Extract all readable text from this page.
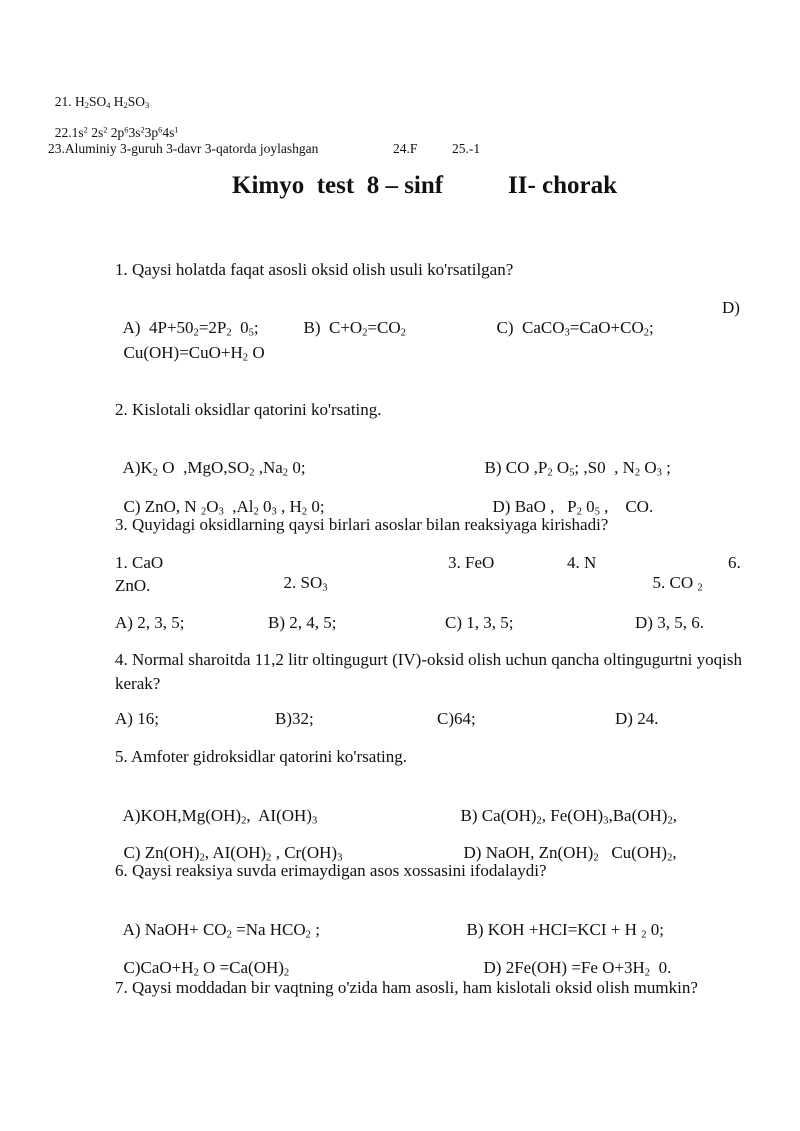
21. $H_2SO_4$ $H_2SO_3$

$22.1s^2$ $2s^2$ $2p^63s^23p^64s^1$

23.Aluminiy 3-guruh 3-davr 3-qatorda joylashgan	24.F	25.-1
Kimyo  test  8 – sinf	II- chorak
1. Qaysi holatda faqat asosli oksid olish usuli ko'rsatilgan?

A)  $4P+50_2=2P_2$  $0_5$;	B)  $C+O_2=CO_2$	C)  $CaCO_3=CaO+CO_2$;

D)

$Cu(OH)=CuO+H_2$ O

2. Kislotali oksidlar qatorini ko'rsating.

$A)K_2$ O  $,MgO,SO_2$ $,Na_2$ 0;	B) CO $,P_2$ $O_5$; ,S0  , $N_2$ $O_3$ ;

C) ZnO, N $_2O_3$  $,Al_2$ $0_3$ , $H_2$ 0;	D) BaO ,   $P_2$ $0_5$ ,    CO.

3. Quyidagi oksidlarning qaysi birlari asoslar bilan reaksiyaga kirishadi?
1. CaO

2. $SO_3$

3. FeO	4. N

5. CO $_2$

6.
ZnO.
A) 2, 3, 5;	B) 2, 4, 5;	C) 1, 3, 5;	D) 3, 5, 6.
4. Normal sharoitda 11,2 litr oltingugurt (IV)-oksid olish uchun qancha oltingugurtni yoqish kerak?
A) 16;	B)32;	C)64;	D) 24.
5. Amfoter gidroksidlar qatorini ko'rsating.

$A)KOH,Mg(OH)_2$,  $AI(OH)_3$	B) $Ca(OH)_2$, $Fe(OH)_3,Ba(OH)_2$,

C) $Zn(OH)_2$, $AI(OH)_2$ , $Cr(OH)_3$	D) NaOH, $Zn(OH)_2$   $Cu(OH)_2$,

6. Qaysi reaksiya suvda erimaydigan asos xossasini ifodalaydi?

A) NaOH+ $CO_2 =Na$ $HCO_2$ ;	B) KOH +HCI=KCI + H $_2$ 0;

$C)CaO+H_2$ $O =Ca(OH)_2$	D) 2Fe(OH) =Fe $O+3H_2$  0.

7. Qaysi moddadan bir vaqtning o'zida ham asosli, ham kislotali oksid olish mumkin?
